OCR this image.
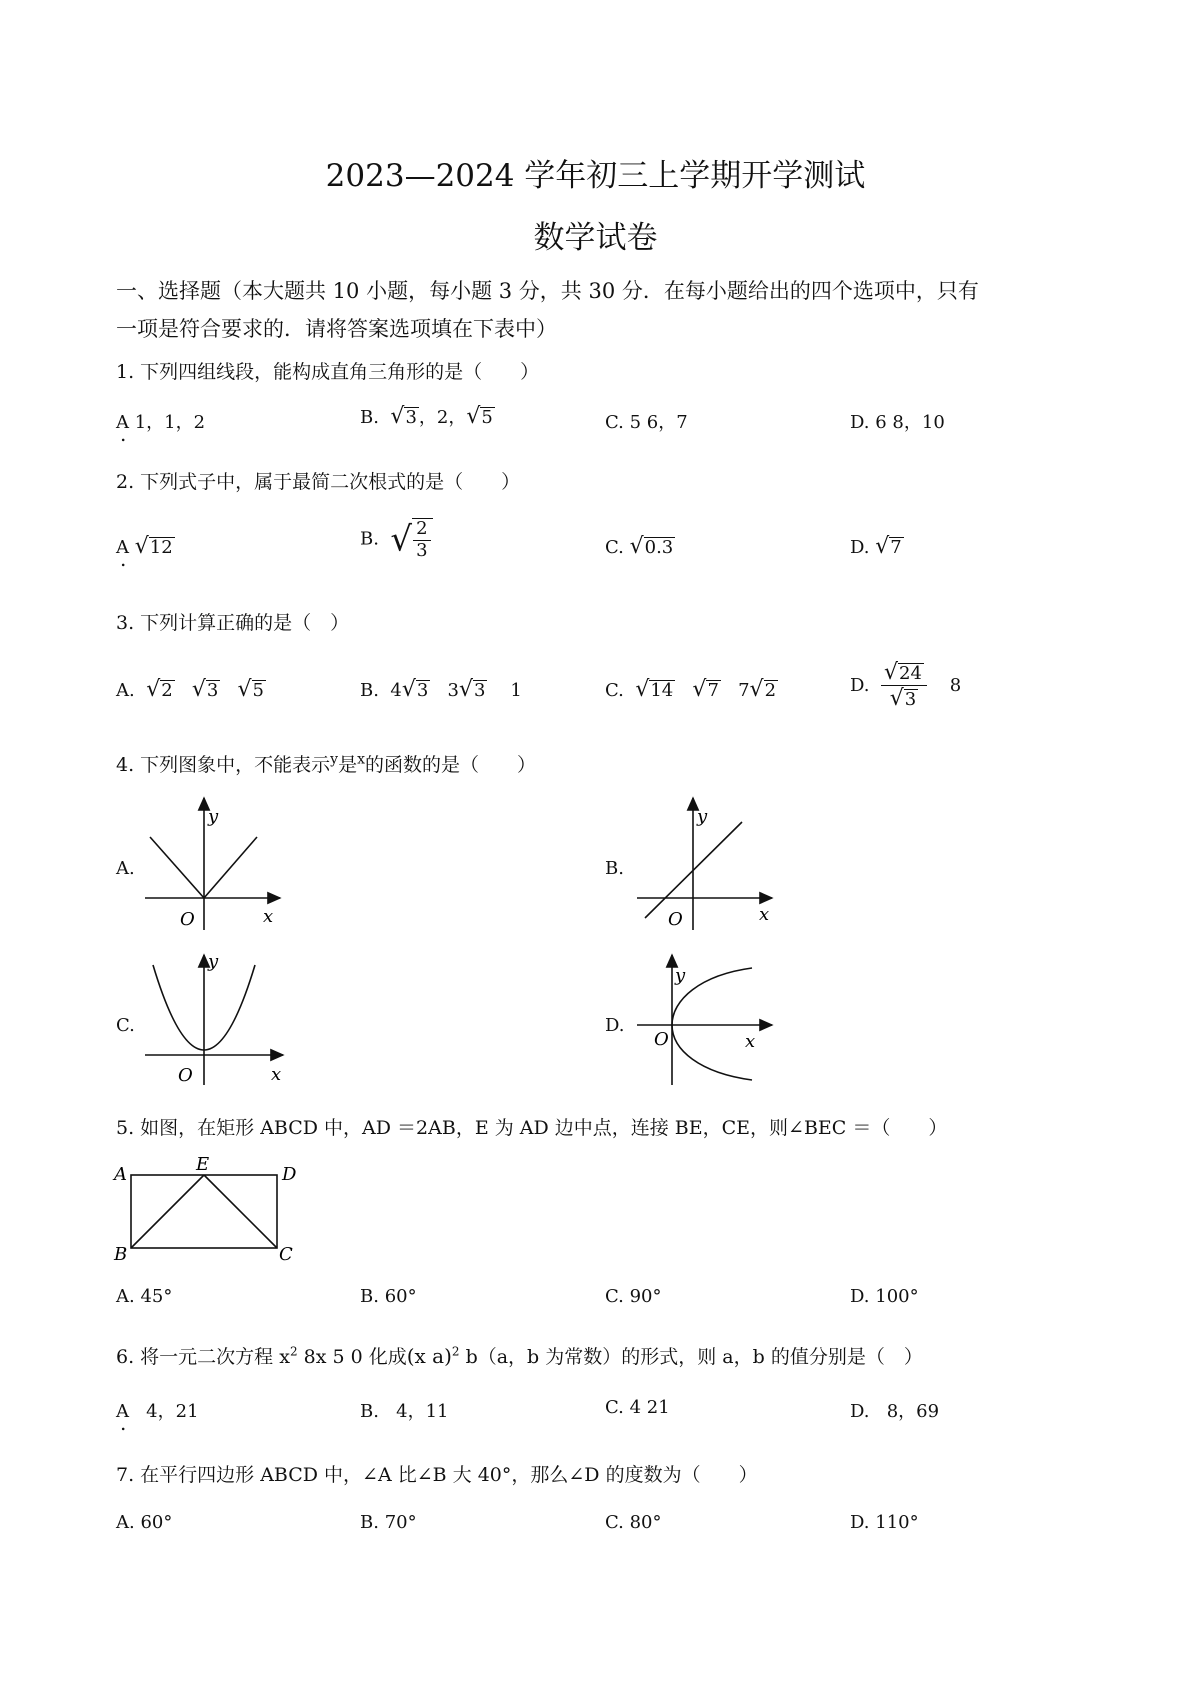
2023—2024 学年初三上学期开学测试
数学试卷
一、选择题（本大题共 10 小题，每小题 3 分，共 30 分．在每小题给出的四个选项中，只有
一项是符合要求的．请将答案选项填在下表中）
1. 下列四组线段，能构成直角三角形的是（　　）
A . 1，1，2	B. √3 ，2，√5	C. 5 6，7	D. 6 8，10
2. 下列式子中，属于最简二次根式的是（　　）
A . √12	B. √ $\frac{2}{3}$	C. √0.3	D. √7
3. 下列计算正确的是（　）
A. √2 √3 √5	B. 4√3 3√3 1	C. √14 √7 7√2	D. $\frac{√24}{√3} 8$
4. 下列图象中，不能表示$^y$是$^x$的函数的是（　　）
A.	B.
C.	D.
O	x
y
O	x
y
O	x
y
O	x
y
A	E	D
B	C
5. 如图，在矩形 ABCD 中，AD ＝2AB，E 为 AD 边中点，连接 BE，CE，则∠BEC ＝（　　）
A. 45°	B. 60°	C. 90°	D. 100°
6. 将一元二次方程 $x^2$ 8x 5 0 化成(x a)$^2$ b（a，b 为常数）的形式，则 a，b 的值分别是（　）
A . 4，21	B. 4，11	C. 4 21	D. 8，69
7. 在平行四边形 ABCD 中，∠A 比∠B 大 40°，那么∠D 的度数为（　　）
A. 60°	B. 70°	C. 80°	D. 110°
